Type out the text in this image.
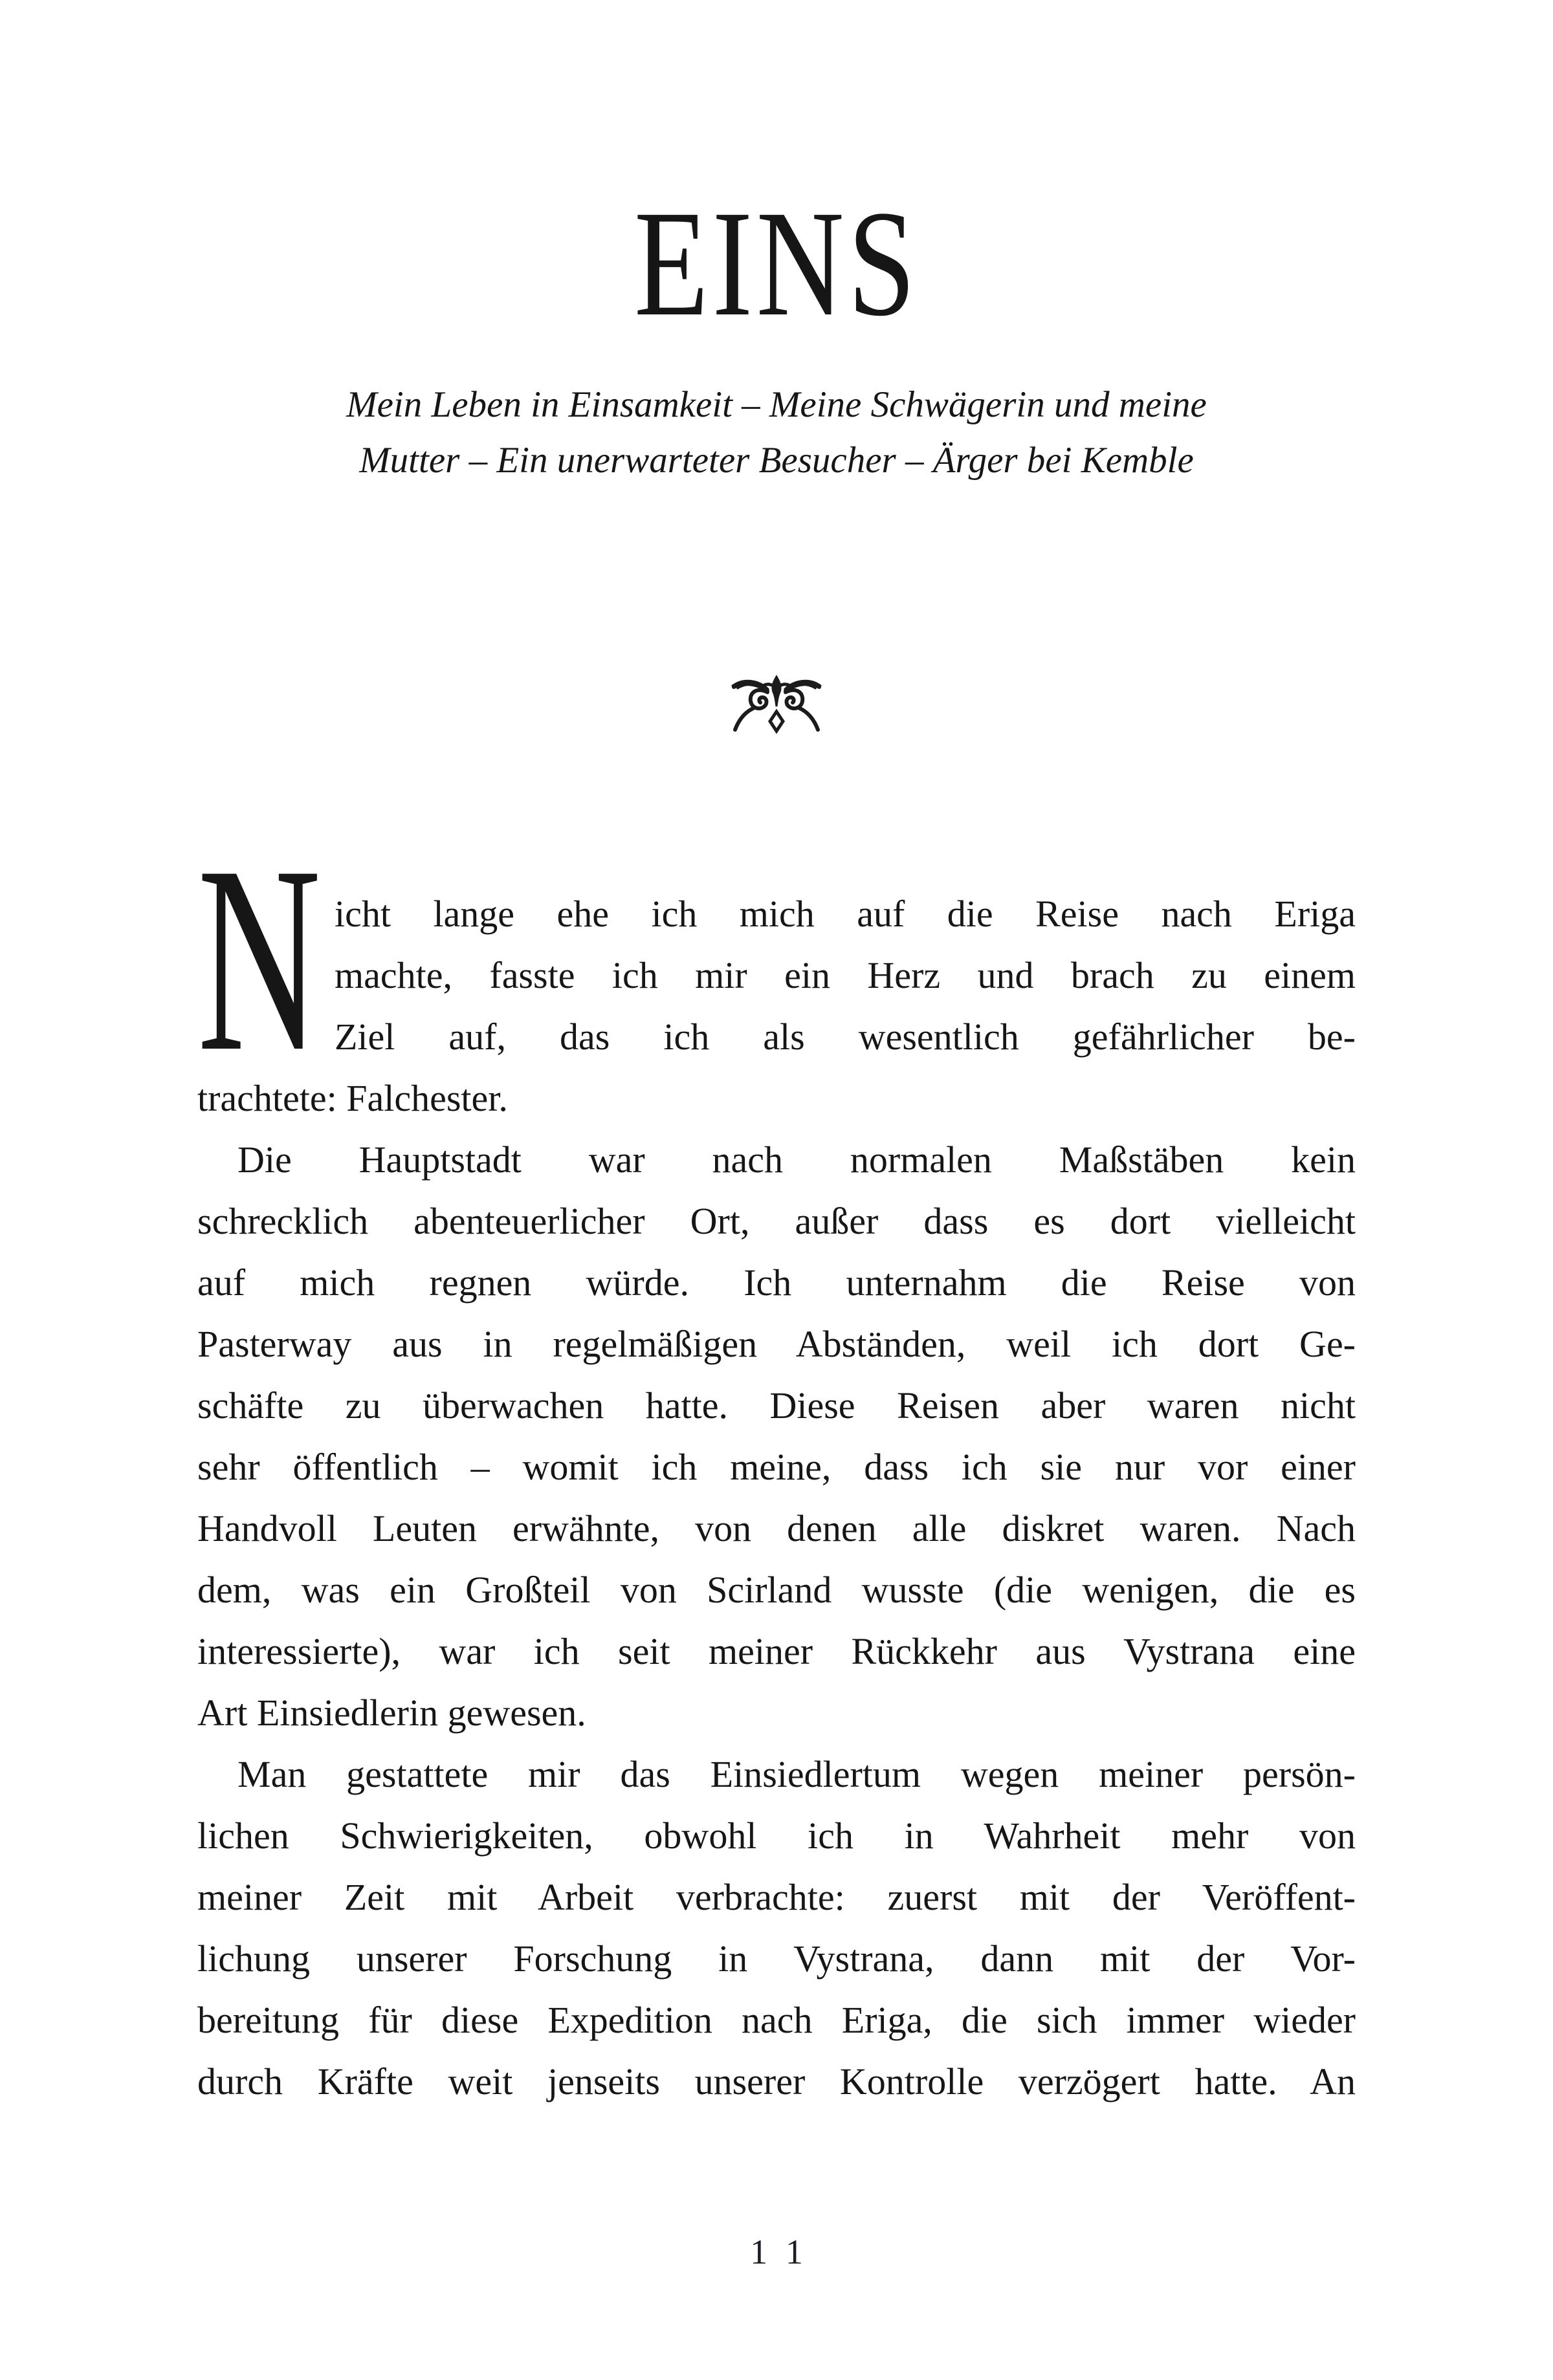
EINS
Mein Leben in Einsamkeit – Meine Schwägerin und meine
Mutter – Ein unerwarteter Besucher – Ärger bei Kemble

N icht lange ehe ich mich auf die Reise nach Eriga
machte, fasste ich mir ein Herz und brach zu einem
Ziel auf, das ich als wesentlich gefährlicher be-
trachtete: Falchester.

Die Hauptstadt war nach normalen Maßstäben kein
schrecklich abenteuerlicher Ort, außer dass es dort vielleicht
auf mich regnen würde. Ich unternahm die Reise von
Pasterway aus in regelmäßigen Abständen, weil ich dort Ge-
schäfte zu überwachen hatte. Diese Reisen aber waren nicht
sehr öffentlich – womit ich meine, dass ich sie nur vor einer
Handvoll Leuten erwähnte, von denen alle diskret waren. Nach
dem, was ein Großteil von Scirland wusste (die wenigen, die es
interessierte), war ich seit meiner Rückkehr aus Vystrana eine
Art Einsiedlerin gewesen.

Man gestattete mir das Einsiedlertum wegen meiner persön-
lichen Schwierigkeiten, obwohl ich in Wahrheit mehr von
meiner Zeit mit Arbeit verbrachte: zuerst mit der Veröffent-
lichung unserer Forschung in Vystrana, dann mit der Vor-
bereitung für diese Expedition nach Eriga, die sich immer wieder
durch Kräfte weit jenseits unserer Kontrolle verzögert hatte. An

11
